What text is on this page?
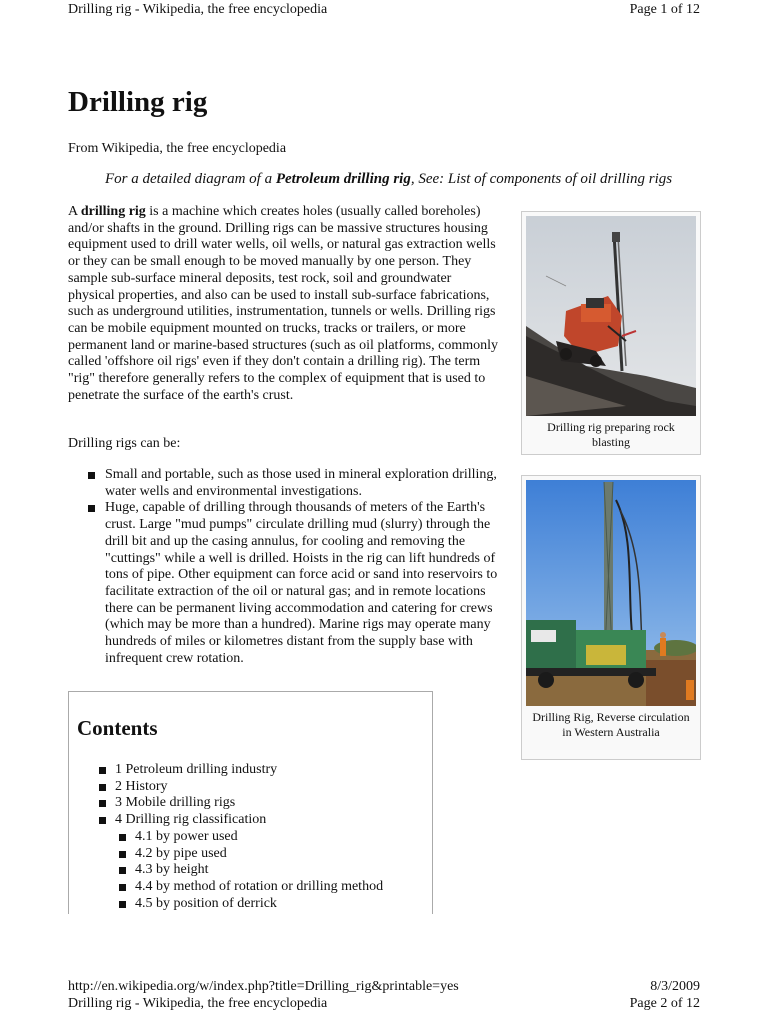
Drilling rig - Wikipedia, the free encyclopedia	Page 1 of 12
Drilling rig
From Wikipedia, the free encyclopedia
For a detailed diagram of a Petroleum drilling rig, See: List of components of oil drilling rigs

A drilling rig is a machine which creates holes (usually called boreholes) and/or shafts in the ground. Drilling rigs can be massive structures housing equipment used to drill water wells, oil wells, or natural gas extraction wells or they can be small enough to be moved manually by one person. They sample sub-surface mineral deposits, test rock, soil and groundwater physical properties, and also can be used to install sub-surface fabrications, such as underground utilities, instrumentation, tunnels or wells. Drilling rigs can be mobile equipment mounted on trucks, tracks or trailers, or more permanent land or marine-based structures (such as oil platforms, commonly called 'offshore oil rigs' even if they don't contain a drilling rig). The term "rig" therefore generally refers to the complex of equipment that is used to penetrate the surface of the earth's crust.

Drilling rigs can be:
Small and portable, such as those used in mineral exploration drilling, water wells and environmental investigations.
Huge, capable of drilling through thousands of meters of the Earth's crust. Large "mud pumps" circulate drilling mud (slurry) through the drill bit and up the casing annulus, for cooling and removing the "cuttings" while a well is drilled. Hoists in the rig can lift hundreds of tons of pipe. Other equipment can force acid or sand into reservoirs to facilitate extraction of the oil or natural gas; and in remote locations there can be permanent living accommodation and catering for crews (which may be more than a hundred). Marine rigs may operate many hundreds of miles or kilometres distant from the supply base with infrequent crew rotation.
Contents
1 Petroleum drilling industry
2 History
3 Mobile drilling rigs
4 Drilling rig classification
4.1 by power used
4.2 by pipe used
4.3 by height
4.4 by method of rotation or drilling method
4.5 by position of derrick
Drilling rig preparing rock blasting
Drilling Rig, Reverse circulation in Western Australia
http://en.wikipedia.org/w/index.php?title=Drilling_rig&printable=yes	8/3/2009
Drilling rig - Wikipedia, the free encyclopedia	Page 2 of 12
